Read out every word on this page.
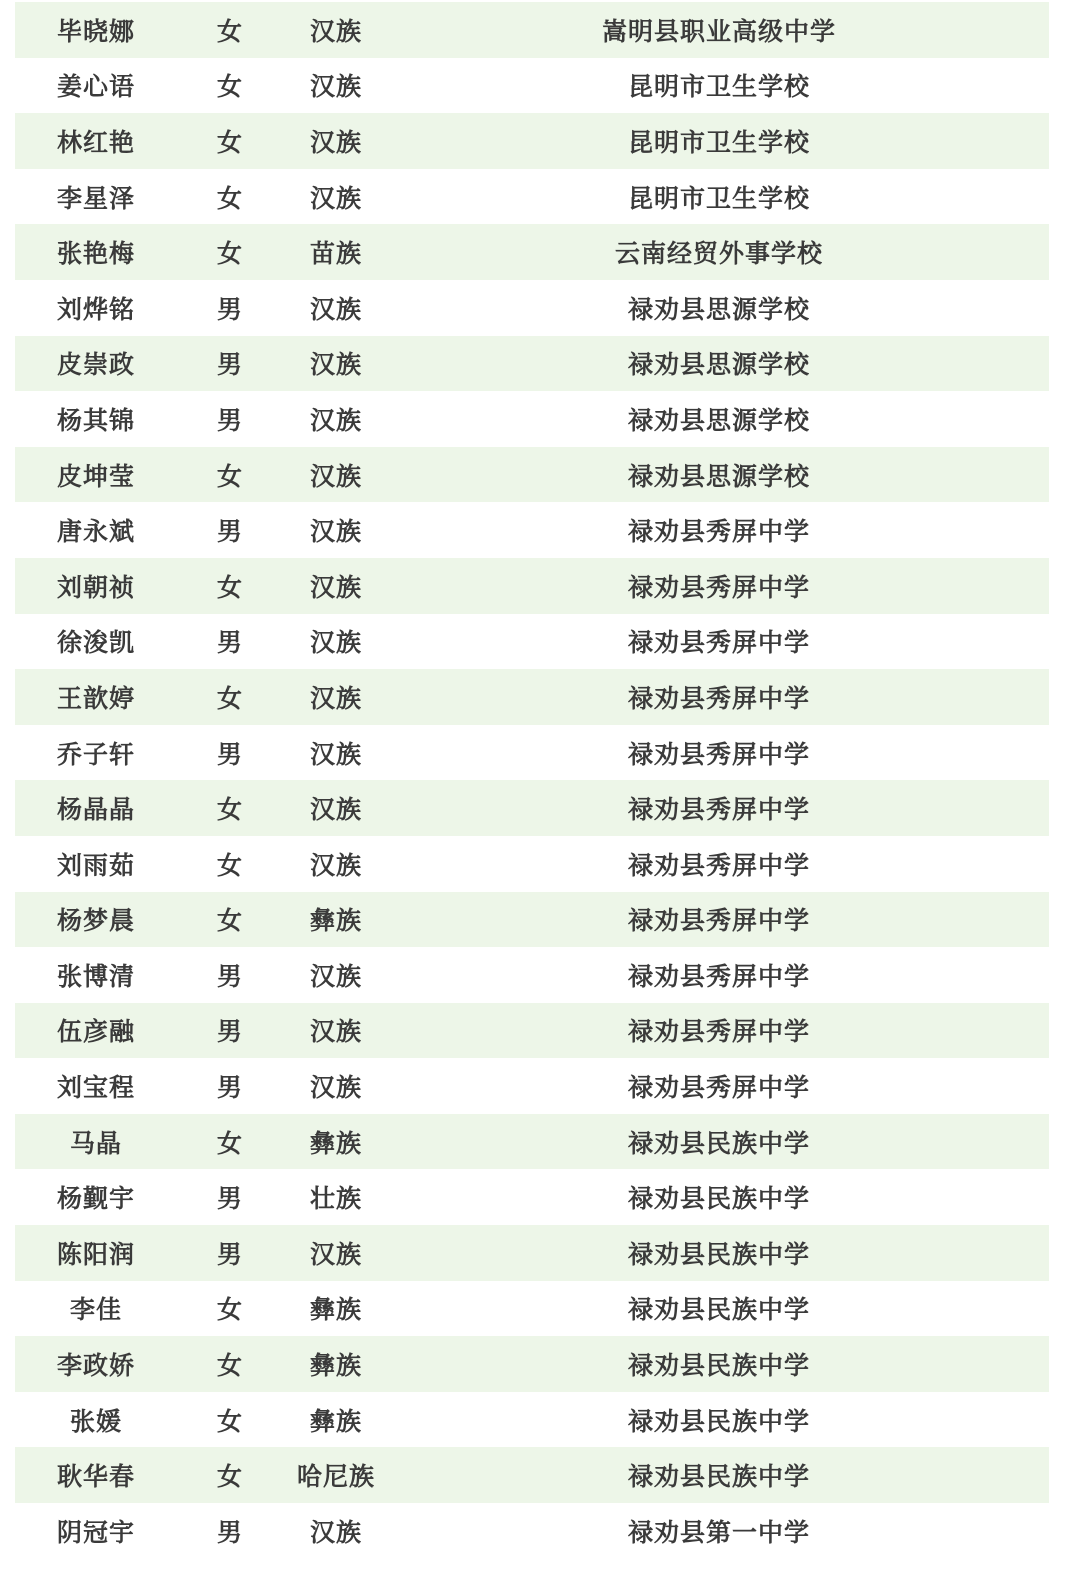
毕晓娜	女	汉族	嵩明县职业高级中学
姜心语	女	汉族	昆明市卫生学校
林红艳	女	汉族	昆明市卫生学校
李星泽	女	汉族	昆明市卫生学校
张艳梅	女	苗族	云南经贸外事学校
刘烨铭	男	汉族	禄劝县思源学校
皮崇政	男	汉族	禄劝县思源学校
杨其锦	男	汉族	禄劝县思源学校
皮坤莹	女	汉族	禄劝县思源学校
唐永斌	男	汉族	禄劝县秀屏中学
刘朝祯	女	汉族	禄劝县秀屏中学
徐浚凯	男	汉族	禄劝县秀屏中学
王歆婷	女	汉族	禄劝县秀屏中学
乔子轩	男	汉族	禄劝县秀屏中学
杨晶晶	女	汉族	禄劝县秀屏中学
刘雨茹	女	汉族	禄劝县秀屏中学
杨梦晨	女	彝族	禄劝县秀屏中学
张博清	男	汉族	禄劝县秀屏中学
伍彦融	男	汉族	禄劝县秀屏中学
刘宝程	男	汉族	禄劝县秀屏中学
马晶	女	彝族	禄劝县民族中学
杨觐宇	男	壮族	禄劝县民族中学
陈阳润	男	汉族	禄劝县民族中学
李佳	女	彝族	禄劝县民族中学
李政娇	女	彝族	禄劝县民族中学
张媛	女	彝族	禄劝县民族中学
耿华春	女	哈尼族	禄劝县民族中学
阴冠宇	男	汉族	禄劝县第一中学
